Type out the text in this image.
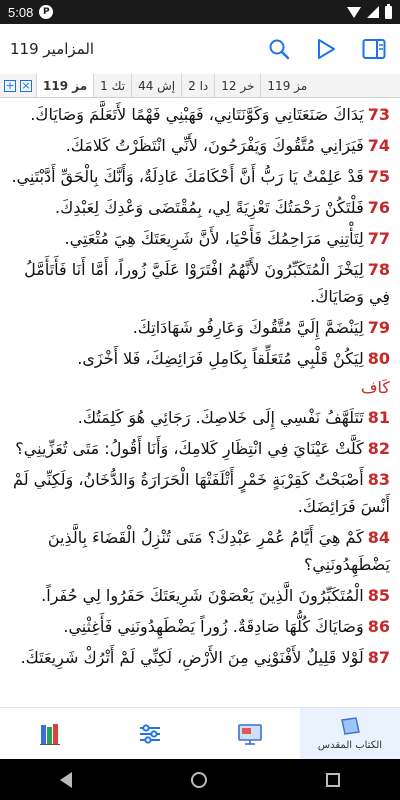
5:08	P
المزامير 119
+ × مز 119 تك 1 إش 44 دا 2 خر 12 مز 119

73يَدَاكَ صَنَعَتَانِي وَكَوَّنَتَانِي، فَهَبْنِي فَهْمًا لأَتَعَلَّمَ وَصَايَاكَ.

74فَيَرَانِي مُتَّقُوكَ وَيَفْرَحُونَ، لأَنِّي انْتَظَرْتُ كَلامَكَ.

75قَدْ عَلِمْتُ يَا رَبُّ أَنَّ أَحْكَامَكَ عَادِلَةٌ، وَأَنَّكَ بِالْحَقِّ أَدَّبْتَنِي.

76فَلْتَكُنْ رَحْمَتُكَ تَعْزِيَةً لِي، بِمُقْتَضَى وَعْدِكَ لِعَبْدِكَ.

77لِتَأْتِنِي مَرَاحِمُكَ فَأَحْيَا، لأَنَّ شَرِيعَتَكَ هِيَ مُتْعَتِي.

78لِيَخْزَ الْمُتَكَبِّرُونَ لأَنَّهُمُ افْتَرَوْا عَلَيَّ زُوراً، أَمَّا أَنَا فَأَتَأَمَّلُ فِي وَصَايَاكَ.

79لِيَنْضَمَّ إِلَيَّ مُتَّقُوكَ وَعَارِفُو شَهَادَاتِكَ.

80لِيَكُنْ قَلْبِي مُتَعَلِّقاً بِكَامِلِ فَرَائِضِكَ، فَلا أَخْزَى.

كَاف

81تَتَلَهَّفُ نَفْسِي إِلَى خَلاصِكَ. رَجَائِي هُوَ كَلِمَتُكَ.

82كَلَّتْ عَيْنَايَ فِي انْتِظَارِ كَلامِكَ، وَأَنَا أَقُولُ: مَتَى تُعَزِّينِي؟

83أَصْبَحْتُ كَقِرْبَةٍ خَمْرٍ أَتْلَفَتْهَا الْحَرَارَةُ وَالدُّخَانُ، وَلَكِنِّي لَمْ أَنْسَ فَرَائِضَكَ.

84كَمْ هِيَ أَيَّامُ عُمْرِ عَبْدِكَ؟ مَتَى تُنْزِلُ الْقَضَاءَ بِالَّذِينَ يَضْطَهِدُونَنِي؟

85الْمُتَكَبِّرُونَ الَّذِينَ يَعْصَوْنَ شَرِيعَتَكَ حَفَرُوا لِي حُفَراً.

86وَصَايَاكَ كُلُّهَا صَادِقَةٌ. زُوراً يَضْطَهِدُونَنِي فَأَغِثْنِي.

87لَوْلا قَلِيلٌ لأَفْنَوْنِي مِنَ الأَرْضِ، لَكِنِّي لَمْ أَتْرُكْ شَرِيعَتَكَ.

الكتاب المقدس
